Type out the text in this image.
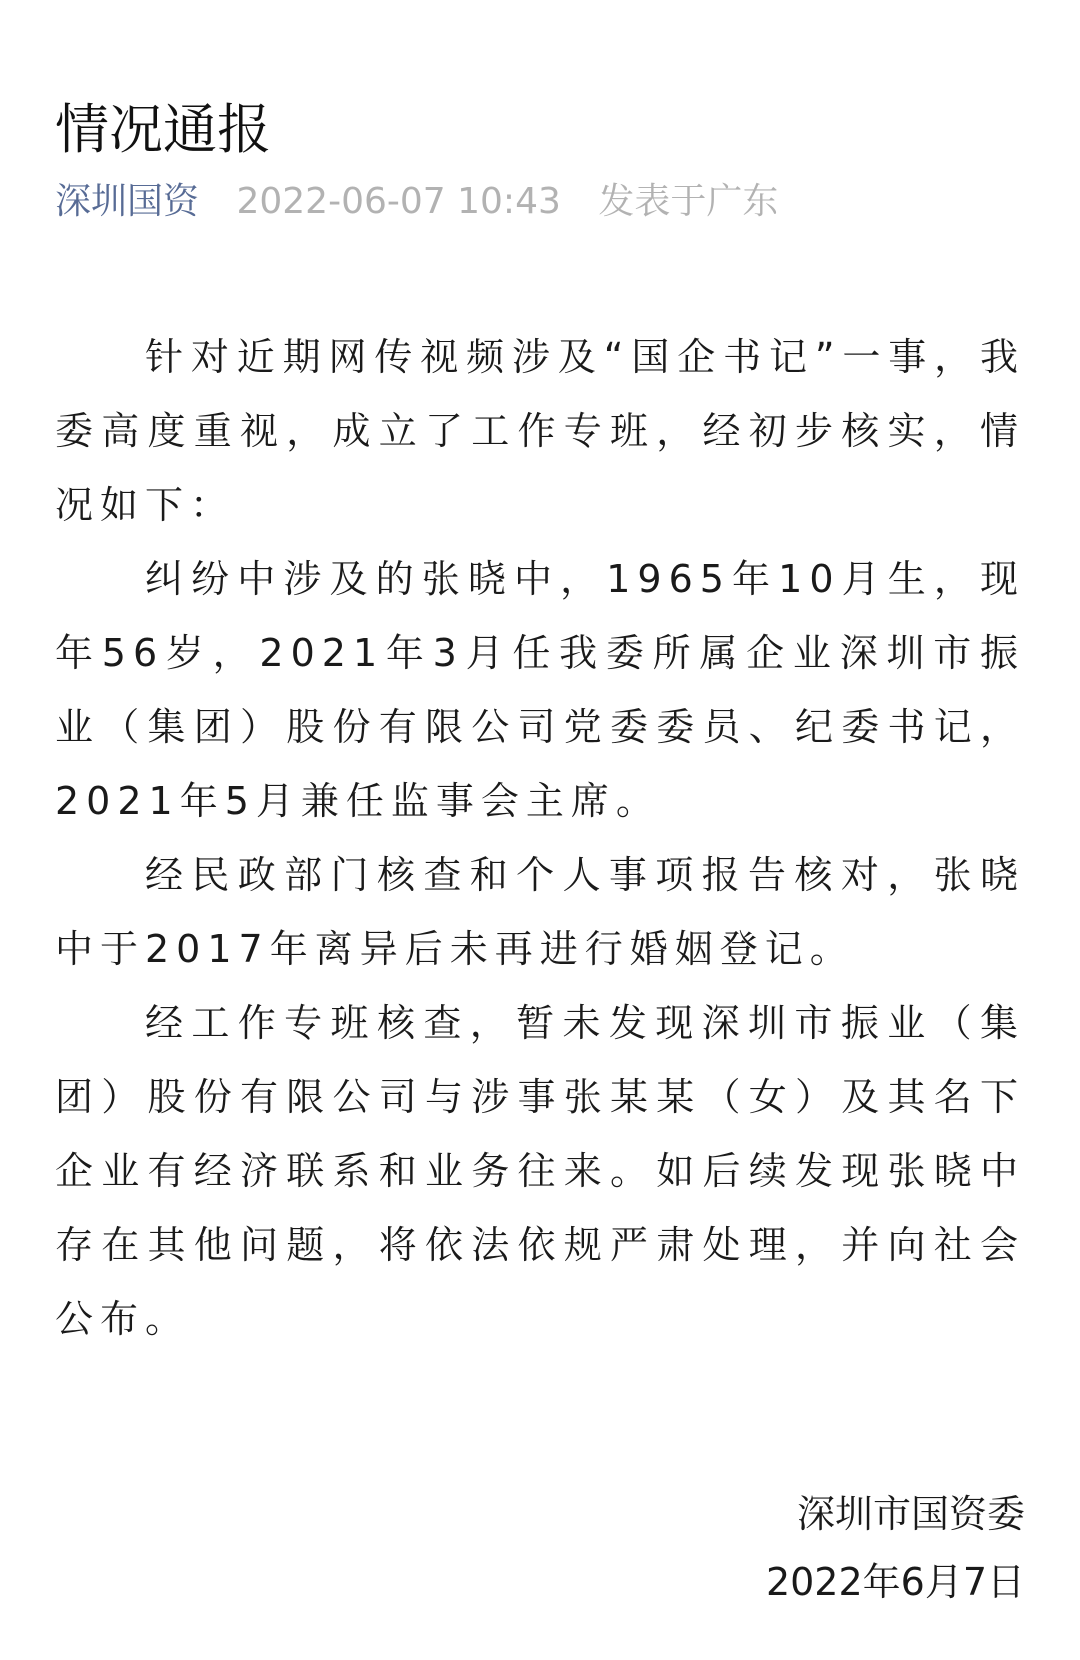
情况通报
深圳国资 2022-06-07 10:43 发表于广东

针对近期网传视频涉及“国企书记”一事，我委高度重视，成立了工作专班，经初步核实，情况如下：

纠纷中涉及的张晓中，1965年10月生，现年56岁，2021年3月任我委所属企业深圳市振业（集团）股份有限公司党委委员、纪委书记，2021年5月兼任监事会主席。

经民政部门核查和个人事项报告核对，张晓中于2017年离异后未再进行婚姻登记。

经工作专班核查，暂未发现深圳市振业（集团）股份有限公司与涉事张某某（女）及其名下企业有经济联系和业务往来。如后续发现张晓中存在其他问题，将依法依规严肃处理，并向社会公布。

深圳市国资委
2022年6月7日
